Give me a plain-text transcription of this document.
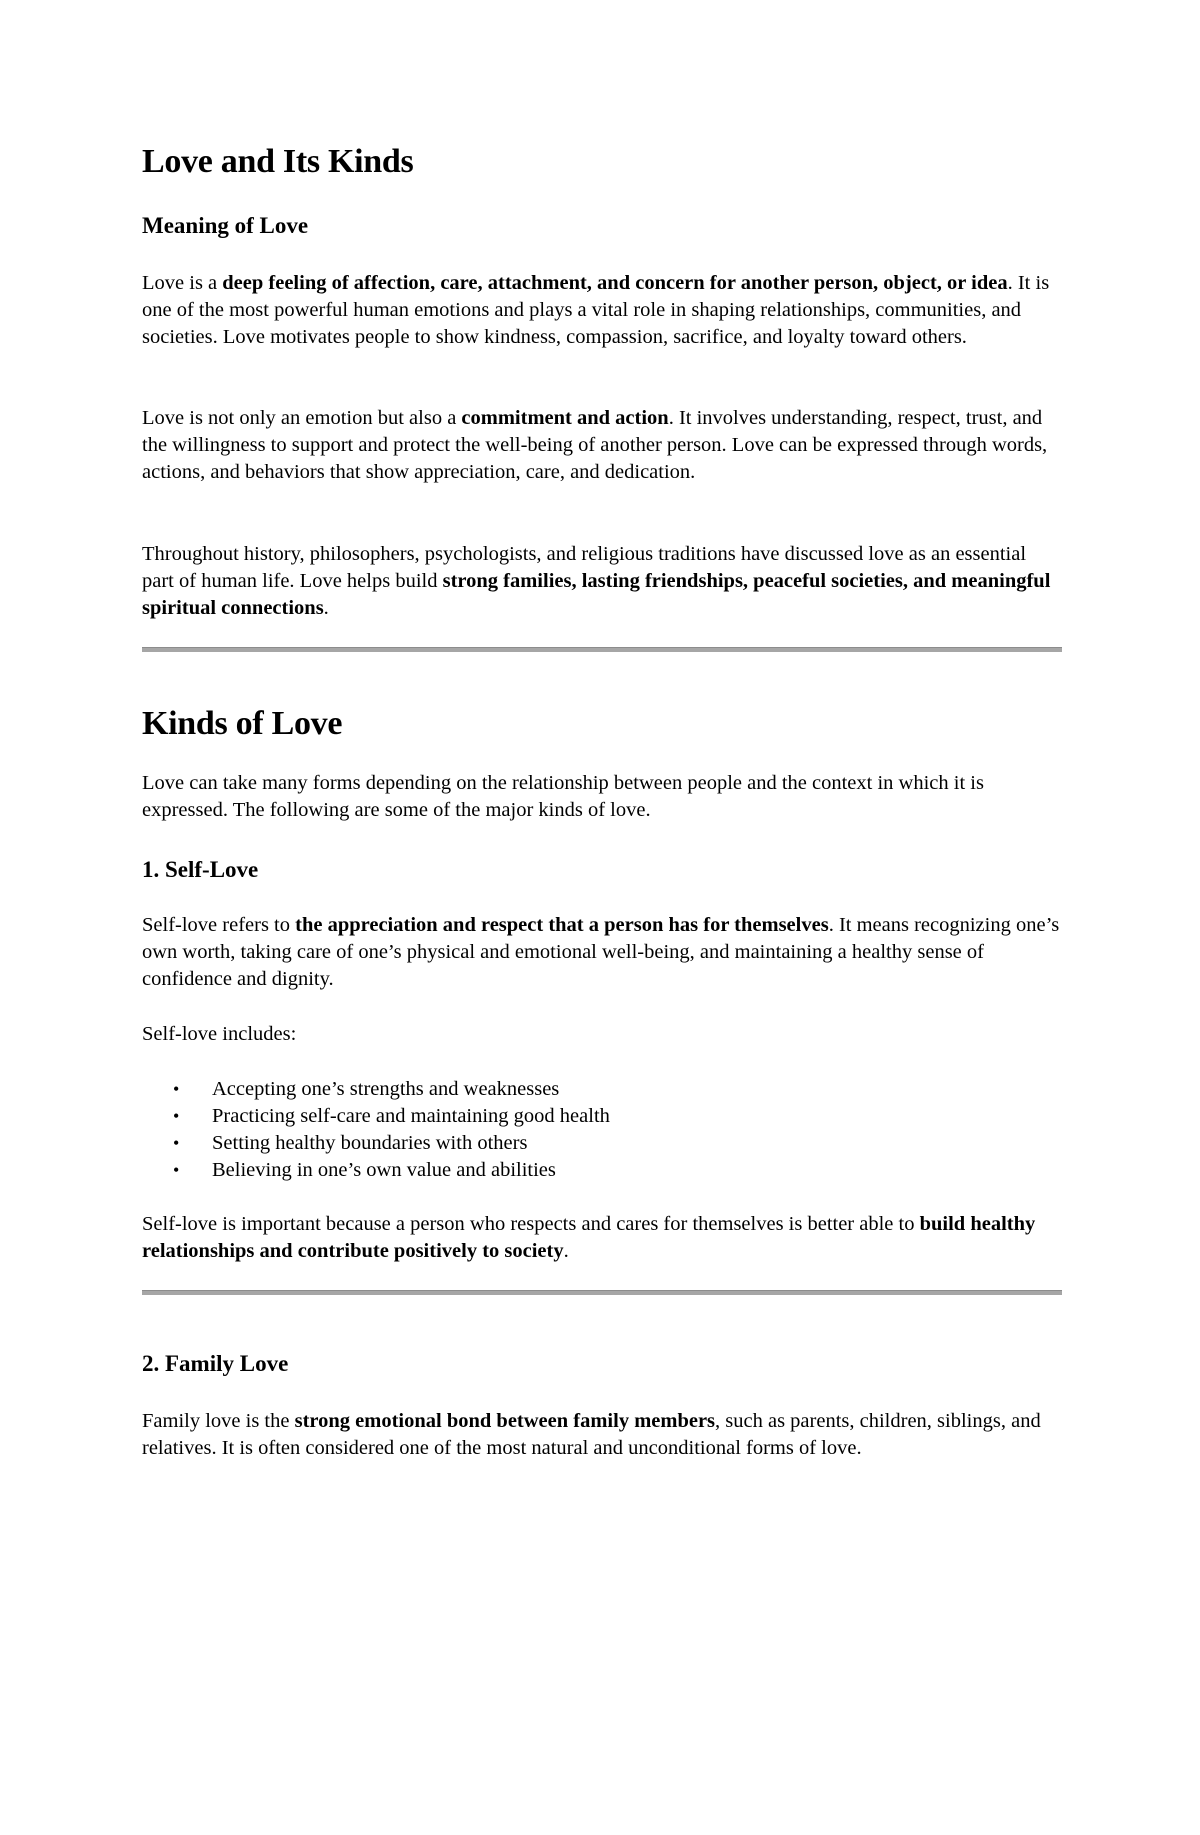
Love and Its Kinds
Meaning of Love

Love is a deep feeling of affection, care, attachment, and concern for another person, object, or idea. It is one of the most powerful human emotions and plays a vital role in shaping relationships, communities, and societies. Love motivates people to show kindness, compassion, sacrifice, and loyalty toward others.

Love is not only an emotion but also a commitment and action. It involves understanding, respect, trust, and the willingness to support and protect the well-being of another person. Love can be expressed through words, actions, and behaviors that show appreciation, care, and dedication.

Throughout history, philosophers, psychologists, and religious traditions have discussed love as an essential part of human life. Love helps build strong families, lasting friendships, peaceful societies, and meaningful spiritual connections.

Kinds of Love

Love can take many forms depending on the relationship between people and the context in which it is expressed. The following are some of the major kinds of love.

1. Self-Love

Self-love refers to the appreciation and respect that a person has for themselves. It means recognizing one’s own worth, taking care of one’s physical and emotional well-being, and maintaining a healthy sense of confidence and dignity.

Self-love includes:

• Accepting one’s strengths and weaknesses
• Practicing self-care and maintaining good health
• Setting healthy boundaries with others
• Believing in one’s own value and abilities

Self-love is important because a person who respects and cares for themselves is better able to build healthy relationships and contribute positively to society.

2. Family Love

Family love is the strong emotional bond between family members, such as parents, children, siblings, and relatives. It is often considered one of the most natural and unconditional forms of love.
